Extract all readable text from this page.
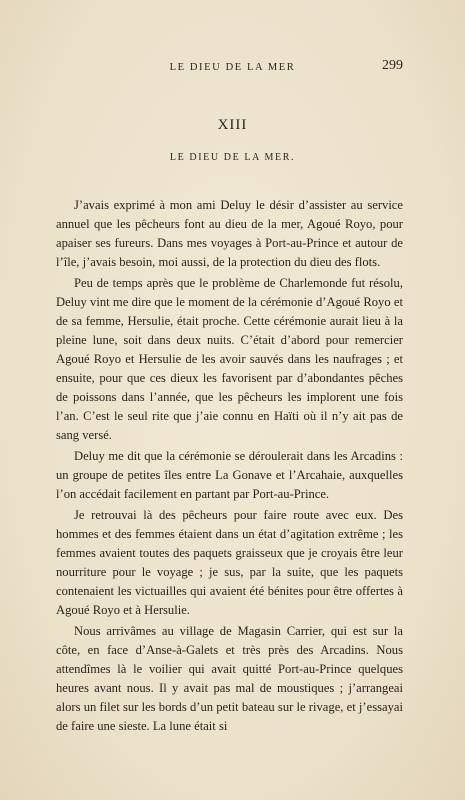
LE DIEU DE LA MER	299
XIII
LE DIEU DE LA MER.

J’avais exprimé à mon ami Deluy le désir d’assister au service annuel que les pêcheurs font au dieu de la mer, Agoué Royo, pour apaiser ses fureurs. Dans mes voyages à Port-au-Prince et autour de l’île, j’avais besoin, moi aussi, de la protection du dieu des flots.

Peu de temps après que le problème de Charlemonde fut résolu, Deluy vint me dire que le moment de la cérémonie d’Agoué Royo et de sa femme, Hersulie, était proche. Cette cérémonie aurait lieu à la pleine lune, soit dans deux nuits. C’était d’abord pour remercier Agoué Royo et Hersulie de les avoir sauvés dans les naufrages ; et ensuite, pour que ces dieux les favorisent par d’abondantes pêches de poissons dans l’année, que les pêcheurs les implorent une fois l’an. C’est le seul rite que j’aie connu en Haïti où il n’y ait pas de sang versé.

Deluy me dit que la cérémonie se déroulerait dans les Arcadins : un groupe de petites îles entre La Gonave et l’Arcahaie, auxquelles l’on accédait facilement en partant par Port-au-Prince.

Je retrouvai là des pêcheurs pour faire route avec eux. Des hommes et des femmes étaient dans un état d’agitation extrême ; les femmes avaient toutes des paquets graisseux que je croyais être leur nourriture pour le voyage ; je sus, par la suite, que les paquets contenaient les victuailles qui avaient été bénites pour être offertes à Agoué Royo et à Hersulie.

Nous arrivâmes au village de Magasin Carrier, qui est sur la côte, en face d’Anse-à-Galets et très près des Arcadins. Nous attendîmes là le voilier qui avait quitté Port-au-Prince quelques heures avant nous. Il y avait pas mal de moustiques ; j’arrangeai alors un filet sur les bords d’un petit bateau sur le rivage, et j’essayai de faire une sieste. La lune était si
